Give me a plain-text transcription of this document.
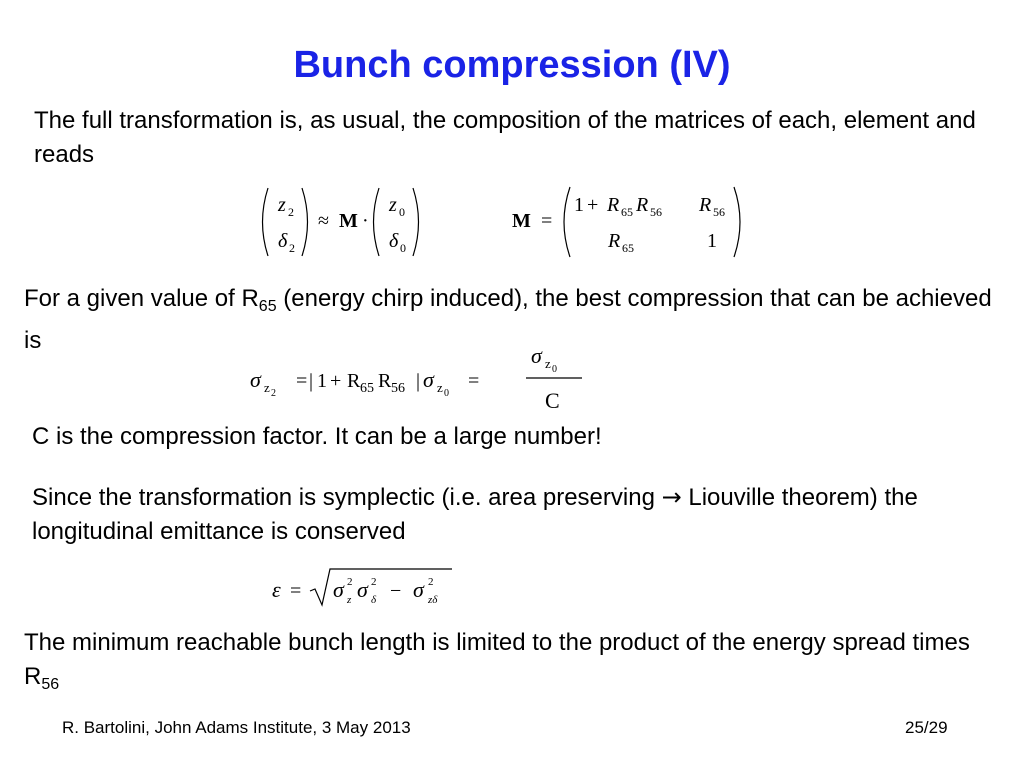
Bunch compression (IV)
The full transformation is, as usual, the composition of the matrices of each, element and reads
z 2
δ 2
≈ M ·
z 0
δ 0
M =
1 + R 65 R 56 R 56
R 65	1
For a given value of $R_{65}$ (energy chirp induced), the best compression that can be achieved is
σ z 2
= | 1 + R 65 R 56 | σ z 0
=
σ z 0
C
C is the compression factor. It can be a large number!
Since the transformation is symplectic (i.e. area preserving → Liouville theorem) the longitudinal emittance is conserved
ε = σ 2
z σ 2
δ − σ 2
zδ
The minimum reachable bunch length is limited to the product of the energy spread times $R_{56}$
R. Bartolini, John Adams Institute, 3 May 2013	25/29
